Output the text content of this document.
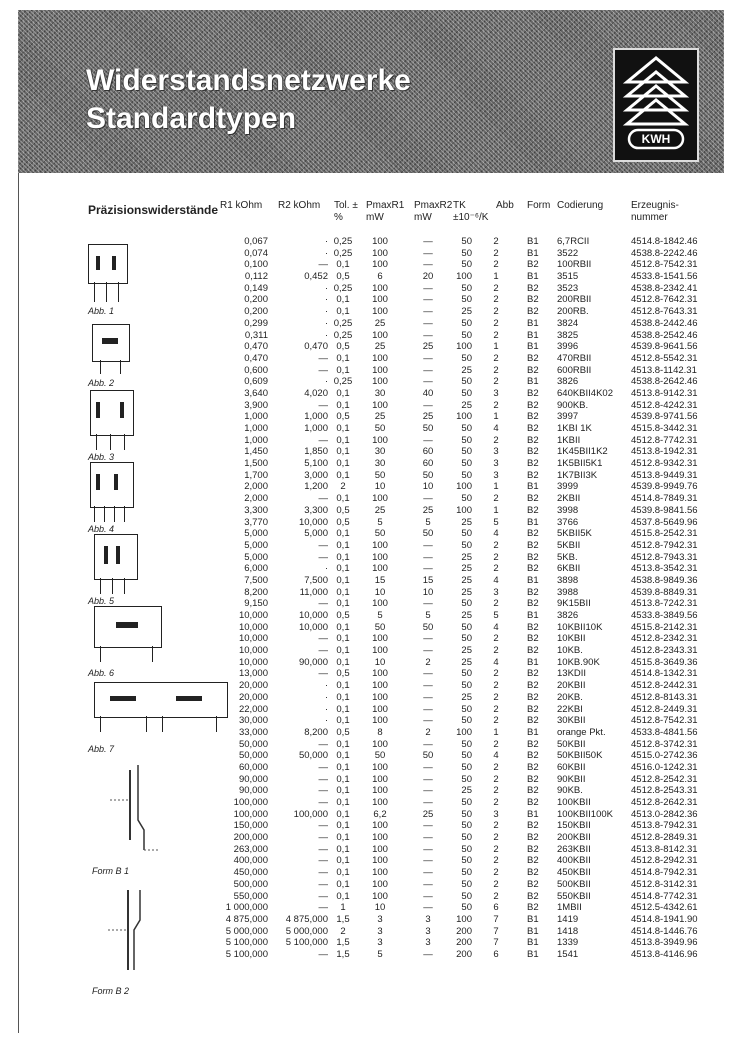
Widerstandsnetzwerke
Standardtypen
KWH
Präzisionswiderstände R1 kOhm	R2 kOhm	Tol. ± %
PmaxR1 mW
PmaxR2 mW
TK ±10⁻⁶/K
Abb Form Codierung	Erzeugnis-nummer
0,067	· 0,25	100	—	50	2	B1	6,7RCII	4514.8-1842.46
0,074	· 0,25	100	—	50	2	B1	3522	4538.8-2242.46
0,100	— 0,1	100	—	50	2	B2	100RBII	4512.8-7542.31
0,112	0,452 0,5	6	20	100	1	B1	3515	4533.8-1541.56
0,149	· 0,25	100	—	50	2	B2	3523	4538.8-2342.41
0,200	· 0,1	100	—	50	2	B2	200RBII	4512.8-7642.31
0,200	· 0,1	100	—	25	2	B2	200RB.	4512.8-7643.31
0,299	· 0,25	25	—	50	2	B1	3824	4538.8-2442.46
0,311	· 0,25	100	—	50	2	B1	3825	4538.8-2542.46
0,470	0,470 0,5	25	25	100	1	B1	3996	4539.8-9641.56
0,470	— 0,1	100	—	50	2	B2	470RBII	4512.8-5542.31
0,600	— 0,1	100	—	25	2	B2	600RBII	4513.8-1142.31
0,609	· 0,25	100	—	50	2	B1	3826	4538.8-2642.46
3,640	4,020 0,1	30	40	50	3	B2	640KBII4K02	4513.8-9142.31
3,900	— 0,1	100	—	25	2	B2	900KB.	4512.8-4242.31
1,000	1,000 0,5	25	25	100	1	B2	3997	4539.8-9741.56
1,000	1,000 0,1	50	50	50	4	B2	1KBI 1K	4515.8-3442.31
1,000	— 0,1	100	—	50	2	B2	1KBII	4512.8-7742.31
1,450	1,850 0,1	30	60	50	3	B2	1K45BII1K2	4513.8-1942.31
1,500	5,100 0,1	30	60	50	3	B2	1K5BII5K1	4512.8-9342.31
1,700	3,000 0,1	50	50	50	3	B2	1K7BII3K	4513.8-9449.31
2,000	1,200	2	10	10	100	1	B1	3999	4539.8-9949.76
2,000	— 0,1	100	—	50	2	B2	2KBII	4514.8-7849.31
3,300	3,300 0,5	25	25	100	1	B2	3998	4539.8-9841.56
3,770	10,000 0,5	5	5	25	5	B1	3766	4537.8-5649.96
5,000	5,000 0,1	50	50	50	4	B2	5KBII5K	4515.8-2542.31
5,000	— 0,1	100	—	50	2	B2	5KBII	4512.8-7942.31
5,000	— 0,1	100	—	25	2	B2	5KB.	4512.8-7943.31
6,000	· 0,1	100	—	25	2	B2	6KBII	4513.8-3542.31
7,500	7,500 0,1	15	15	25	4	B1	3898	4538.8-9849.36
8,200	11,000 0,1	10	10	25	3	B2	3988	4539.8-8849.31
9,150	— 0,1	100	—	50	2	B2	9K15BII	4513.8-7242.31
10,000	10,000 0,5	5	5	25	5	B1	3826	4533.8-3849.56
10,000	10,000 0,1	50	50	50	4	B2	10KBII10K	4515.8-2142.31
10,000	— 0,1	100	—	50	2	B2	10KBII	4512.8-2342.31
10,000	— 0,1	100	—	25	2	B2	10KB.	4512.8-2343.31
10,000	90,000 0,1	10	2	25	4	B1	10KB.90K	4515.8-3649.36
13,000	— 0,5	100	—	50	2	B2	13KDII	4514.8-1342.31
20,000	· 0,1	100	—	50	2	B2	20KBII	4512.8-2442.31
20,000	· 0,1	100	—	25	2	B2	20KB.	4512.8-8143.31
22,000	· 0,1	100	—	50	2	B2	22KBI	4512.8-2449.31
30,000	· 0,1	100	—	50	2	B2	30KBII	4512.8-7542.31
33,000	8,200 0,5	8	2	100	1	B1	orange Pkt.	4533.8-4841.56
50,000	— 0,1	100	—	50	2	B2	50KBII	4512.8-3742.31
50,000	50,000 0,1	50	50	50	4	B2	50KBII50K	4515.0-2742.36
60,000	— 0,1	100	—	50	2	B2	60KBII	4516.0-1242.31
90,000	— 0,1	100	—	50	2	B2	90KBII	4512.8-2542.31
90,000	— 0,1	100	—	25	2	B2	90KB.	4512.8-2543.31
100,000	— 0,1	100	—	50	2	B2	100KBII	4512.8-2642.31
100,000	100,000 0,1	6,2	25	50	3	B1	100KBII100K	4513.0-2842.36
150,000	— 0,1	100	—	50	2	B2	150KBII	4513.8-7942.31
200,000	— 0,1	100	—	50	2	B2	200KBII	4512.8-2849.31
263,000	— 0,1	100	—	50	2	B2	263KBII	4513.8-8142.31
400,000	— 0,1	100	—	50	2	B2	400KBII	4512.8-2942.31
450,000	— 0,1	100	—	50	2	B2	450KBII	4514.8-7942.31
500,000	— 0,1	100	—	50	2	B2	500KBII	4512.8-3142.31
550,000	— 0,1	100	—	50	2	B2	550KBII	4514.8-7742.31
1 000,000	—	1	10	—	50	6	B2	1MBII	4512.5-4342.61
4 875,000	4 875,000 1,5	3	3	100	7	B1	1419	4514.8-1941.90
5 000,000	5 000,000	2	3	3	200	7	B1	1418	4514.8-1446.76
5 100,000	5 100,000 1,5	3	3	200	7	B1	1339	4513.8-3949.96
5 100,000	— 1,5	5	—	200	6	B1	1541	4513.8-4146.96
Abb. 1
Abb. 2
Abb. 3
Abb. 4
Abb. 5
Abb. 6
Abb. 7
Form B 1
Form B 2
